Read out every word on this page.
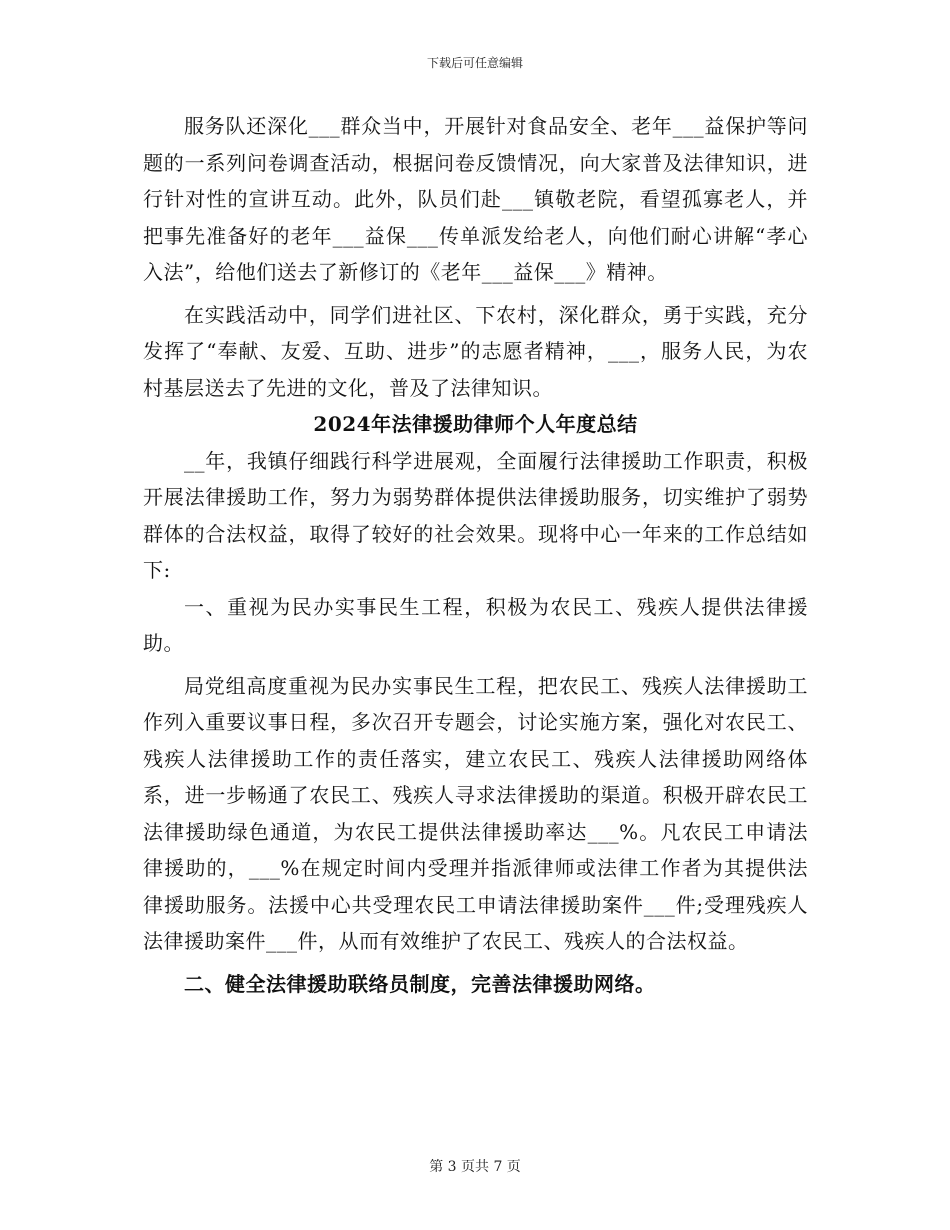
下载后可任意编辑

服务队还深化___群众当中，开展针对食品安全、老年___益保护等问题的一系列问卷调查活动，根据问卷反馈情况，向大家普及法律知识，进行针对性的宣讲互动。此外，队员们赴___镇敬老院，看望孤寡老人，并把事先准备好的老年___益保___传单派发给老人，向他们耐心讲解“孝心入法”，给他们送去了新修订的《老年___益保___》精神。

在实践活动中，同学们进社区、下农村，深化群众，勇于实践，充分发挥了“奉献、友爱、互助、进步”的志愿者精神，___，服务人民，为农村基层送去了先进的文化，普及了法律知识。

2024年法律援助律师个人年度总结

__年，我镇仔细践行科学进展观，全面履行法律援助工作职责，积极开展法律援助工作，努力为弱势群体提供法律援助服务，切实维护了弱势群体的合法权益，取得了较好的社会效果。现将中心一年来的工作总结如下:

一、重视为民办实事民生工程，积极为农民工、残疾人提供法律援助。

局党组高度重视为民办实事民生工程，把农民工、残疾人法律援助工作列入重要议事日程，多次召开专题会，讨论实施方案，强化对农民工、残疾人法律援助工作的责任落实，建立农民工、残疾人法律援助网络体系，进一步畅通了农民工、残疾人寻求法律援助的渠道。积极开辟农民工法律援助绿色通道，为农民工提供法律援助率达___%。凡农民工申请法律援助的，___%在规定时间内受理并指派律师或法律工作者为其提供法律援助服务。法援中心共受理农民工申请法律援助案件___件;受理残疾人法律援助案件___件，从而有效维护了农民工、残疾人的合法权益。

二、健全法律援助联络员制度，完善法律援助网络。

第 3 页共 7 页
